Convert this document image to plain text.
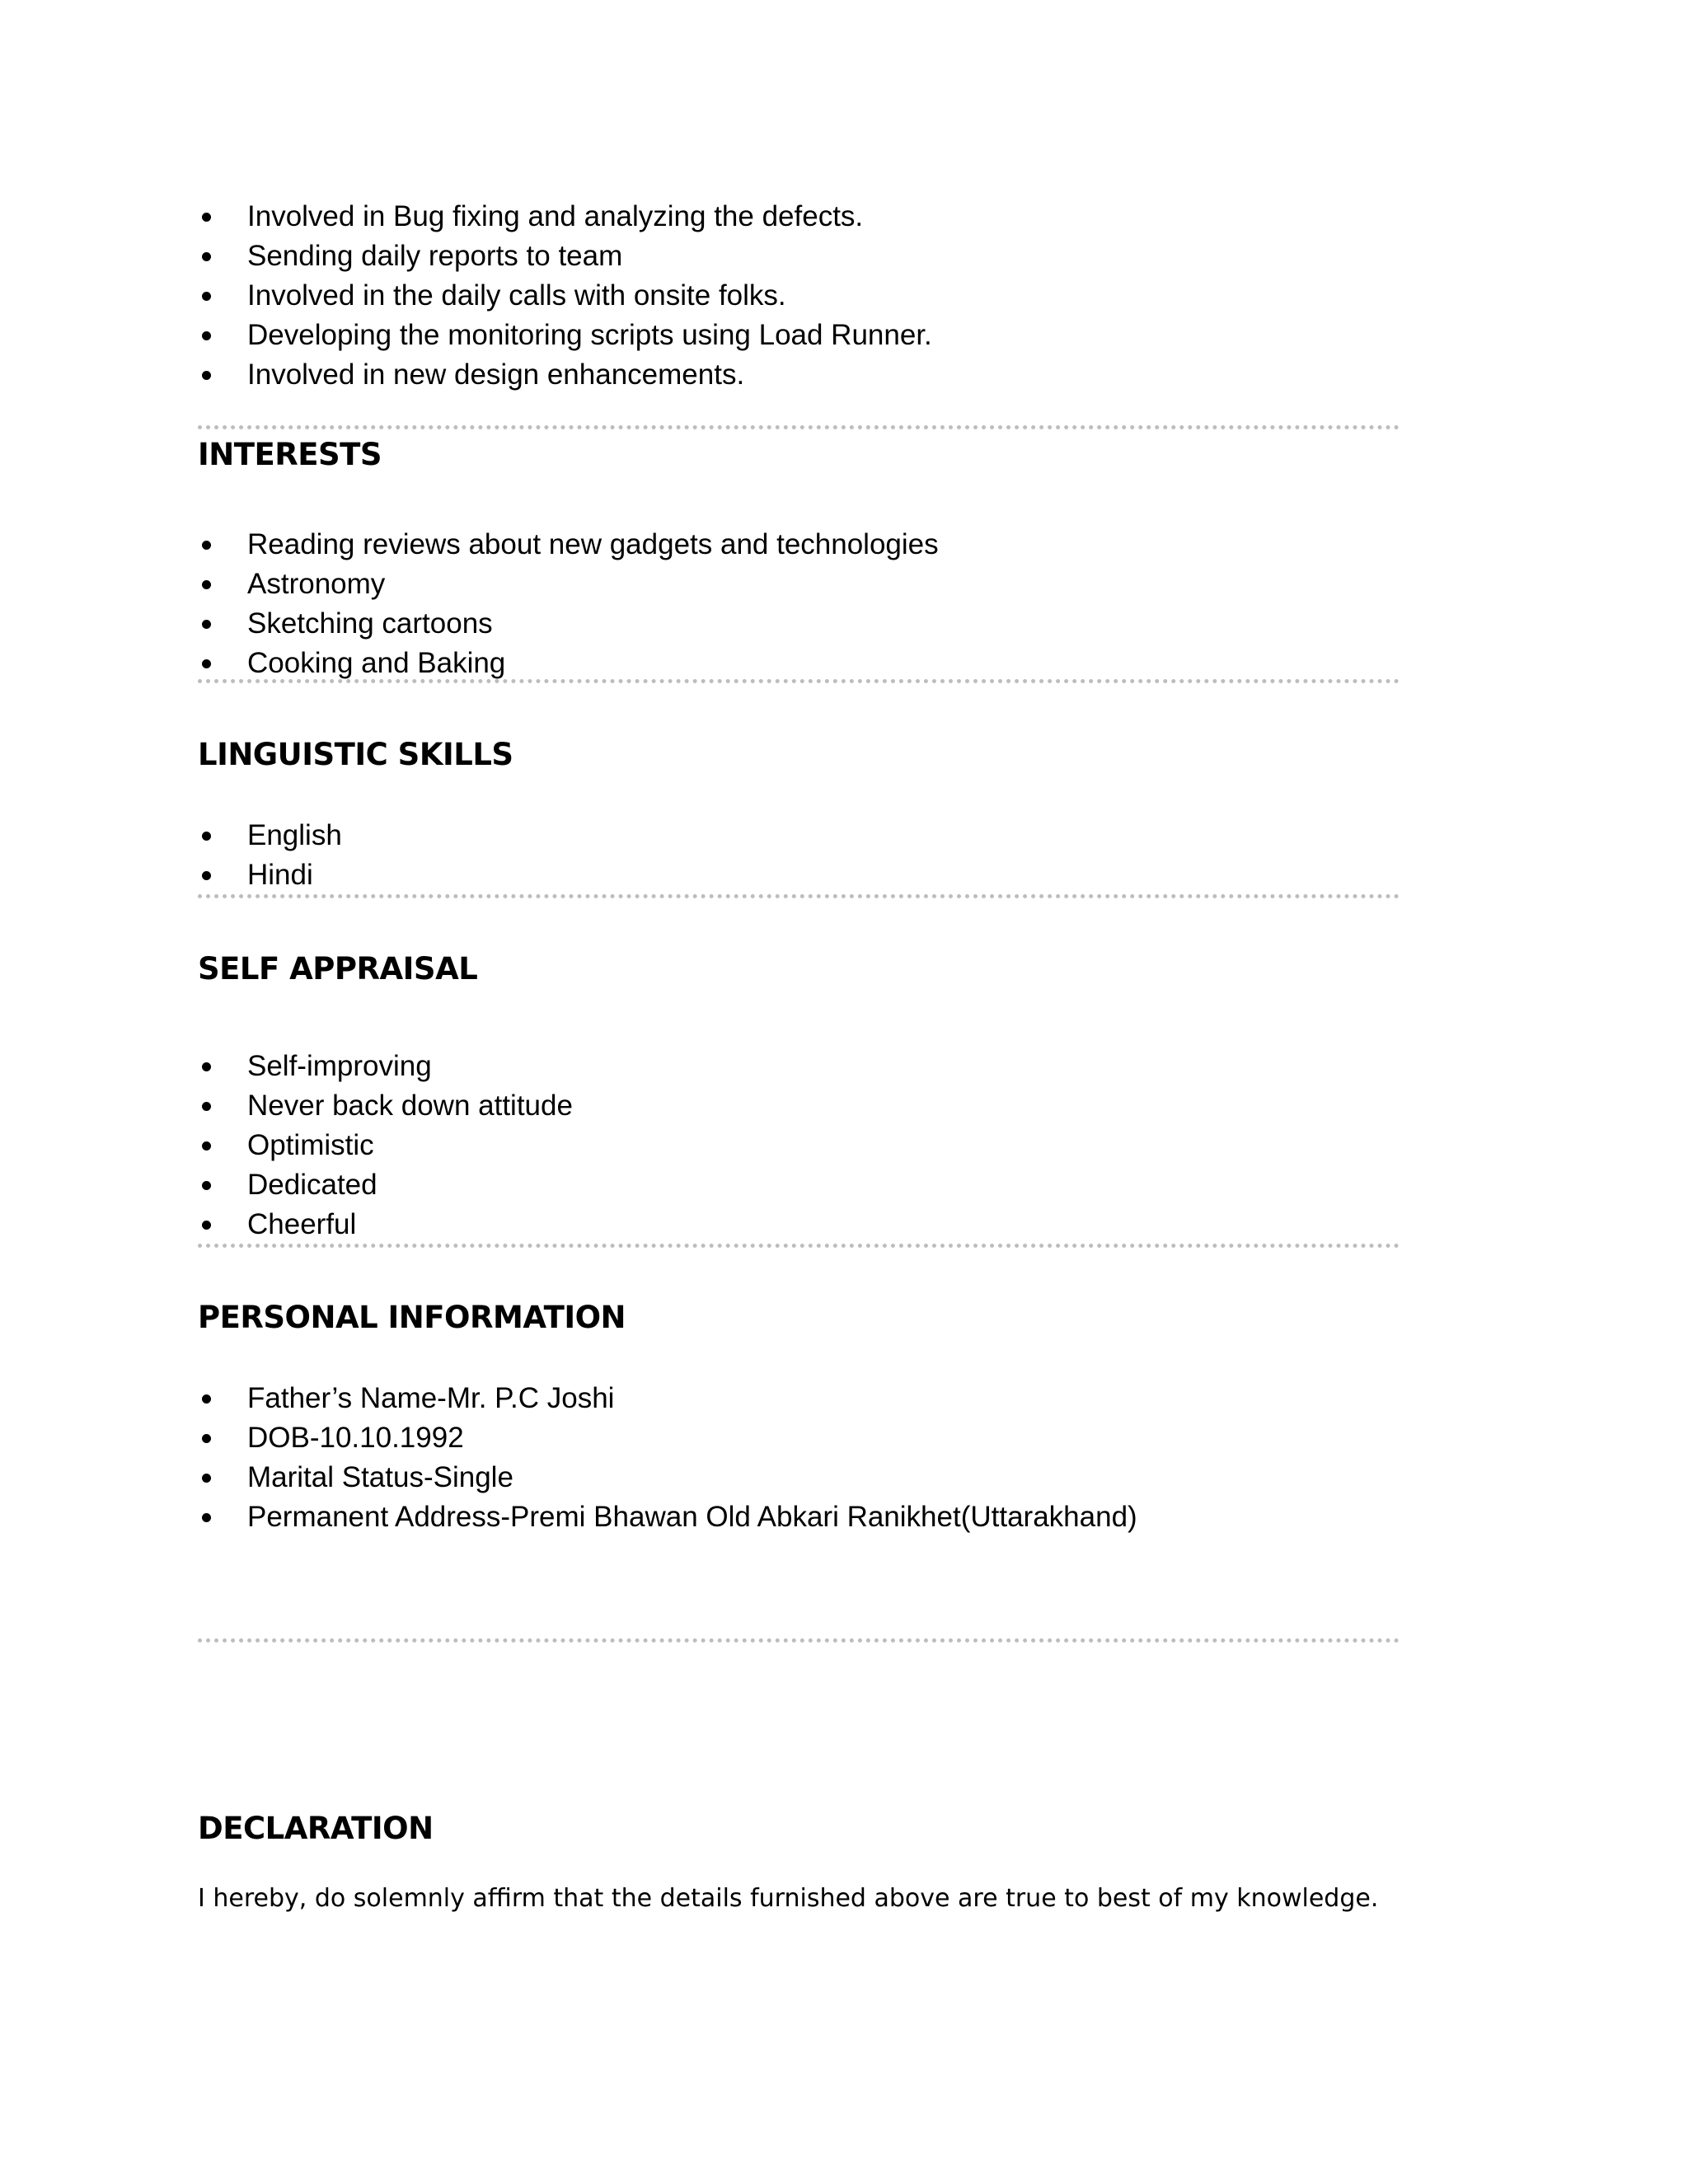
Involved in Bug fixing and analyzing the defects.
Sending daily reports to team
Involved in the daily calls with onsite folks.
Developing the monitoring scripts using Load Runner.
Involved in new design enhancements.
INTERESTS
Reading reviews about new gadgets and technologies
Astronomy
Sketching cartoons
Cooking and Baking
LINGUISTIC SKILLS
English
Hindi
SELF APPRAISAL
Self-improving
Never back down attitude
Optimistic
Dedicated
Cheerful
PERSONAL INFORMATION
Father’s Name-Mr. P.C Joshi
DOB-10.10.1992
Marital Status-Single
Permanent Address-Premi Bhawan Old Abkari Ranikhet(Uttarakhand)
DECLARATION

I hereby, do solemnly affirm that the details furnished above are true to best of my knowledge.
